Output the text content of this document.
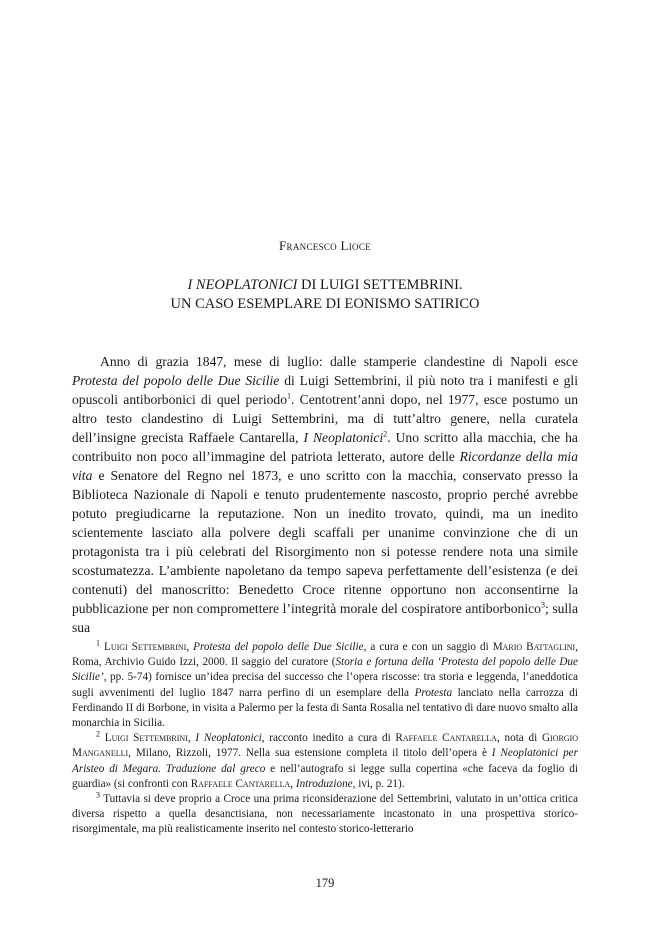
Francesco Lioce
I NEOPLATONICI DI LUIGI SETTEMBRINI.
UN CASO ESEMPLARE DI EONISMO SATIRICO

Anno di grazia 1847, mese di luglio: dalle stamperie clandestine di Napoli esce Protesta del popolo delle Due Sicilie di Luigi Settembrini, il più noto tra i manifesti e gli opuscoli antiborbonici di quel periodo$^1$. Centotrent’anni dopo, nel 1977, esce postumo un altro testo clandestino di Luigi Settembrini, ma di tutt’altro genere, nella curatela dell’insigne grecista Raffaele Cantarella, I Neoplatonici$^2$. Uno scritto alla macchia, che ha contribuito non poco all’immagine del patriota letterato, autore delle Ricordanze della mia vita e Senatore del Regno nel 1873, e uno scritto con la macchia, conservato presso la Biblioteca Nazionale di Napoli e tenuto prudentemente nascosto, proprio perché avrebbe potuto pregiudicarne la reputazione. Non un inedito trovato, quindi, ma un inedito scientemente lasciato alla polvere degli scaffali per unanime convinzione che di un protagonista tra i più celebrati del Risorgimento non si potesse rendere nota una simile scostumatezza. L’ambiente napoletano da tempo sapeva perfettamente dell’esistenza (e dei contenuti) del manoscritto: Benedetto Croce ritenne opportuno non acconsentirne la pubblicazione per non compromettere l’integrità morale del cospiratore antiborbonico$^3$; sulla sua

$^1$ Luigi Settembrini, Protesta del popolo delle Due Sicilie, a cura e con un saggio di Mario Battaglini, Roma, Archivio Guido Izzi, 2000. Il saggio del curatore (Storia e fortuna della ‘Protesta del popolo delle Due Sicilie’, pp. 5-74) fornisce un’idea precisa del successo che l’opera riscosse: tra storia e leggenda, l’aneddotica sugli avvenimenti del luglio 1847 narra perfino di un esemplare della Protesta lanciato nella carrozza di Ferdinando II di Borbone, in visita a Palermo per la festa di Santa Rosalia nel tentativo di dare nuovo smalto alla monarchia in Sicilia.

$^2$ Luigi Settembrini, I Neoplatonici, racconto inedito a cura di Raffaele Cantarella, nota di Giorgio Manganelli, Milano, Rizzoli, 1977. Nella sua estensione completa il titolo dell’opera è I Neoplatonici per Aristeo di Megara. Traduzione dal greco e nell’autografo si legge sulla copertina «che faceva da foglio di guardia» (si confronti con Raffaele Cantarella, Introduzione, ivi, p. 21).

$^3$ Tuttavia si deve proprio a Croce una prima riconsiderazione del Settembrini, valutato in un’ottica critica diversa rispetto a quella desanctisiana, non necessariamente incastonato in una prospettiva storico-risorgimentale, ma più realisticamente inserito nel contesto storico-letterario

179
